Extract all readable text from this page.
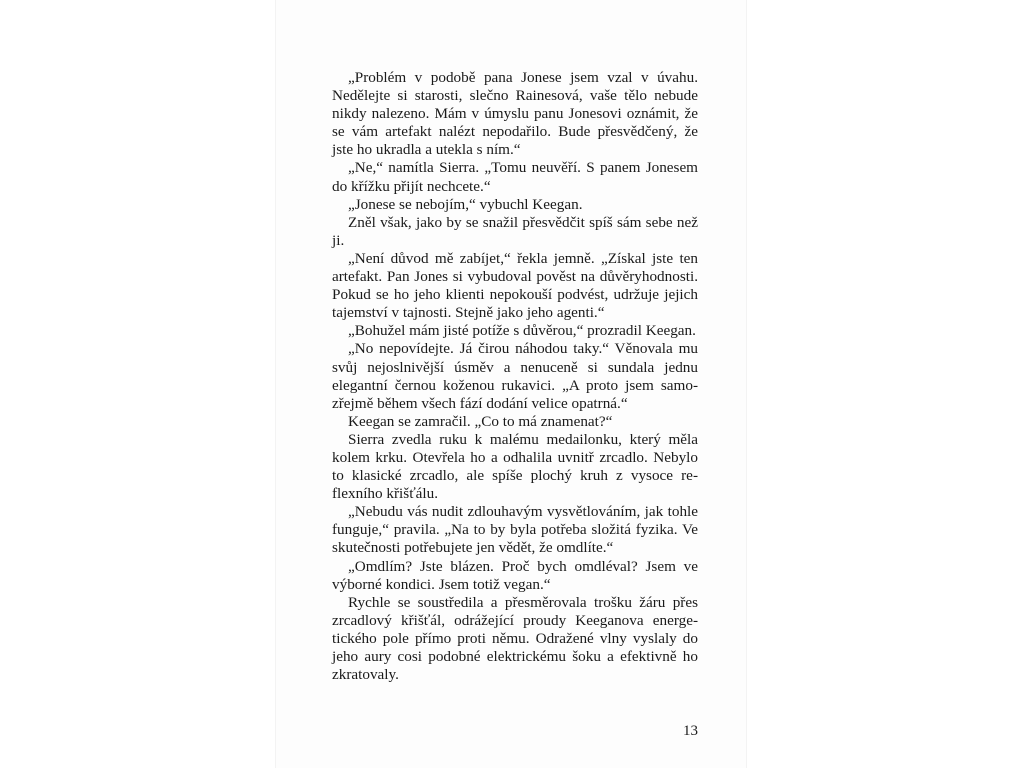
„Problém v podobě pana Jonese jsem vzal v úvahu. Nedělejte si starosti, slečno Rainesová, vaše tělo nebude nikdy nalezeno. Mám v úmyslu panu Jonesovi oznámit, že se vám artefakt nalézt nepodařilo. Bude přesvědčený, že jste ho ukradla a utekla s ním.“

„Ne,“ namítla Sierra. „Tomu neuvěří. S panem Jonesem do křížku přijít nechcete.“

„Jonese se nebojím,“ vybuchl Keegan.

Zněl však, jako by se snažil přesvědčit spíš sám sebe než ji.

„Není důvod mě zabíjet,“ řekla jemně. „Získal jste ten artefakt. Pan Jones si vybudoval pověst na důvěryhodnosti. Pokud se ho jeho klienti nepokouší podvést, udržuje jejich tajemství v tajnosti. Stejně jako jeho agenti.“

„Bohužel mám jisté potíže s důvěrou,“ prozradil Keegan.

„No nepovídejte. Já čirou náhodou taky.“ Věnovala mu svůj nejoslnivější úsměv a nenuceně si sundala jednu elegantní černou koženou rukavici. „A proto jsem samozřejmě během všech fází dodání velice opatrná.“

Keegan se zamračil. „Co to má znamenat?“

Sierra zvedla ruku k malému medailonku, který měla kolem krku. Otevřela ho a odhalila uvnitř zrcadlo. Nebylo to klasické zrcadlo, ale spíše plochý kruh z vysoce reflexního křišťálu.

„Nebudu vás nudit zdlouhavým vysvětlováním, jak tohle funguje,“ pravila. „Na to by byla potřeba složitá fyzika. Ve skutečnosti potřebujete jen vědět, že omdlíte.“

„Omdlím? Jste blázen. Proč bych omdléval? Jsem ve výborné kondici. Jsem totiž vegan.“

Rychle se soustředila a přesměrovala trošku žáru přes zrcadlový křišťál, odrážející proudy Keeganova energetického pole přímo proti němu. Odražené vlny vyslaly do jeho aury cosi podobné elektrickému šoku a efektivně ho zkratovaly.

13
